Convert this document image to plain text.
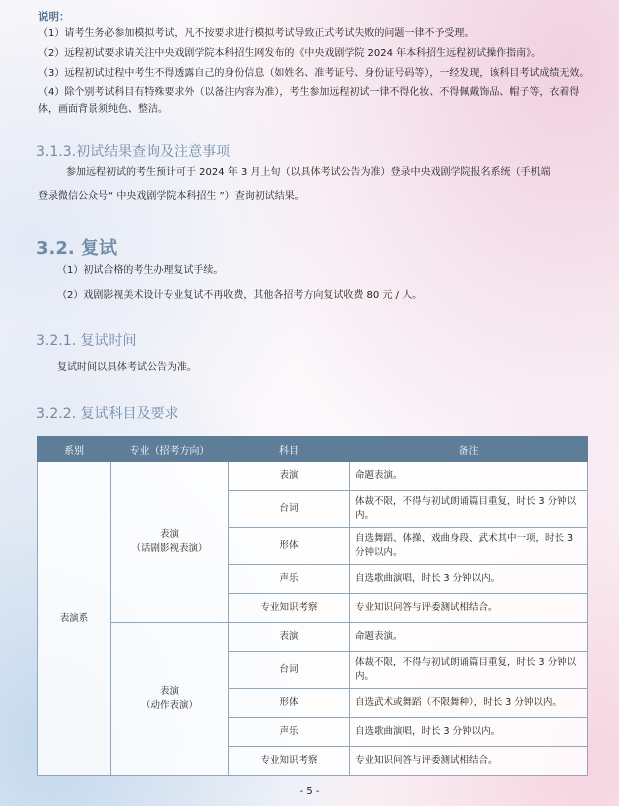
说明：
（1）请考生务必参加模拟考试，凡不按要求进行模拟考试导致正式考试失败的问题一律不予受理。
（2）远程初试要求请关注中央戏剧学院本科招生网发布的《中央戏剧学院 2024 年本科招生远程初试操作指南》。
（3）远程初试过程中考生不得透露自己的身份信息（如姓名、准考证号、身份证号码等），一经发现，该科目考试成绩无效。
（4）除个别考试科目有特殊要求外（以备注内容为准），考生参加远程初试一律不得化妆、不得佩戴饰品、帽子等，衣着得体，画面背景须纯色、整洁。
3.1.3.初试结果查询及注意事项
参加远程初试的考生预计可于 2024 年 3 月上旬（以具体考试公告为准）登录中央戏剧学院报名系统（手机端
登录微信公众号“ 中央戏剧学院本科招生 ”）查询初试结果。
3.2. 复试
（1）初试合格的考生办理复试手续。
（2）戏剧影视美术设计专业复试不再收费，其他各招考方向复试收费 80 元 / 人。
3.2.1. 复试时间
复试时间以具体考试公告为准。
3.2.2. 复试科目及要求
系别	专业（招考方向）	科目	备注
表演系	表演
（话剧影视表演）	表演	命题表演。
		台词	体裁不限，不得与初试朗诵篇目重复，时长 3 分钟以内。
		形体	自选舞蹈、体操、戏曲身段、武术其中一项，时长 3 分钟以内。
		声乐	自选歌曲演唱，时长 3 分钟以内。
		专业知识考察	专业知识问答与评委测试相结合。

	表演
（动作表演）	表演	命题表演。
		台词	体裁不限，不得与初试朗诵篇目重复，时长 3 分钟以内。
		形体	自选武术或舞蹈（不限舞种），时长 3 分钟以内。
		声乐	自选歌曲演唱，时长 3 分钟以内。
		专业知识考察	专业知识问答与评委测试相结合。
- 5 -
